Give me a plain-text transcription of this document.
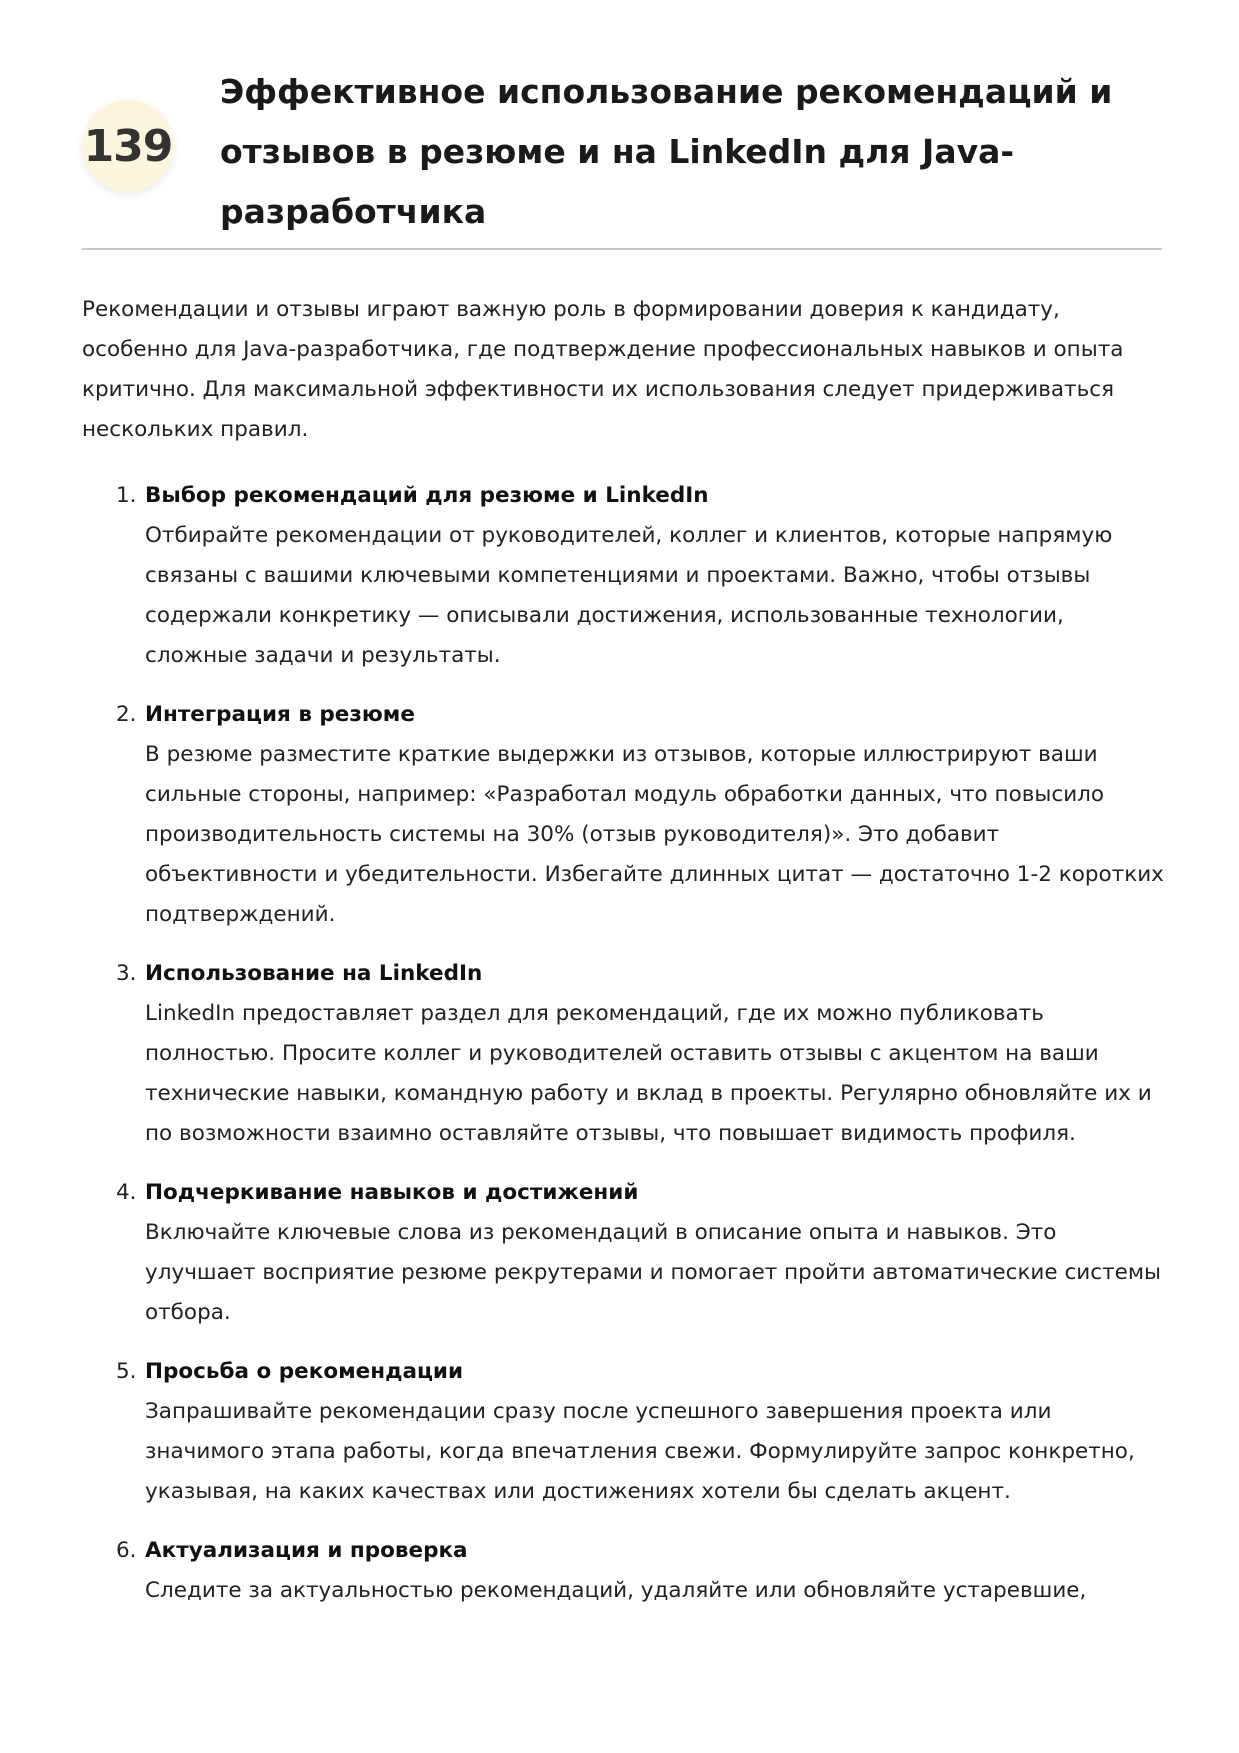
139
Эффективное использование рекомендаций и отзывов в резюме и на LinkedIn для Java-разработчика

Рекомендации и отзывы играют важную роль в формировании доверия к кандидату, особенно для Java-разработчика, где подтверждение профессиональных навыков и опыта критично. Для максимальной эффективности их использования следует придерживаться нескольких правил.

1. Выбор рекомендаций для резюме и LinkedIn
Отбирайте рекомендации от руководителей, коллег и клиентов, которые напрямую связаны с вашими ключевыми компетенциями и проектами. Важно, чтобы отзывы содержали конкретику — описывали достижения, использованные технологии, сложные задачи и результаты.
2. Интеграция в резюме
В резюме разместите краткие выдержки из отзывов, которые иллюстрируют ваши сильные стороны, например: «Разработал модуль обработки данных, что повысило производительность системы на 30% (отзыв руководителя)». Это добавит объективности и убедительности. Избегайте длинных цитат — достаточно 1-2 коротких подтверждений.
3. Использование на LinkedIn
LinkedIn предоставляет раздел для рекомендаций, где их можно публиковать полностью. Просите коллег и руководителей оставить отзывы с акцентом на ваши технические навыки, командную работу и вклад в проекты. Регулярно обновляйте их и по возможности взаимно оставляйте отзывы, что повышает видимость профиля.
4. Подчеркивание навыков и достижений
Включайте ключевые слова из рекомендаций в описание опыта и навыков. Это улучшает восприятие резюме рекрутерами и помогает пройти автоматические системы отбора.
5. Просьба о рекомендации
Запрашивайте рекомендации сразу после успешного завершения проекта или значимого этапа работы, когда впечатления свежи. Формулируйте запрос конкретно, указывая, на каких качествах или достижениях хотели бы сделать акцент.
6. Актуализация и проверка
Следите за актуальностью рекомендаций, удаляйте или обновляйте устаревшие,
